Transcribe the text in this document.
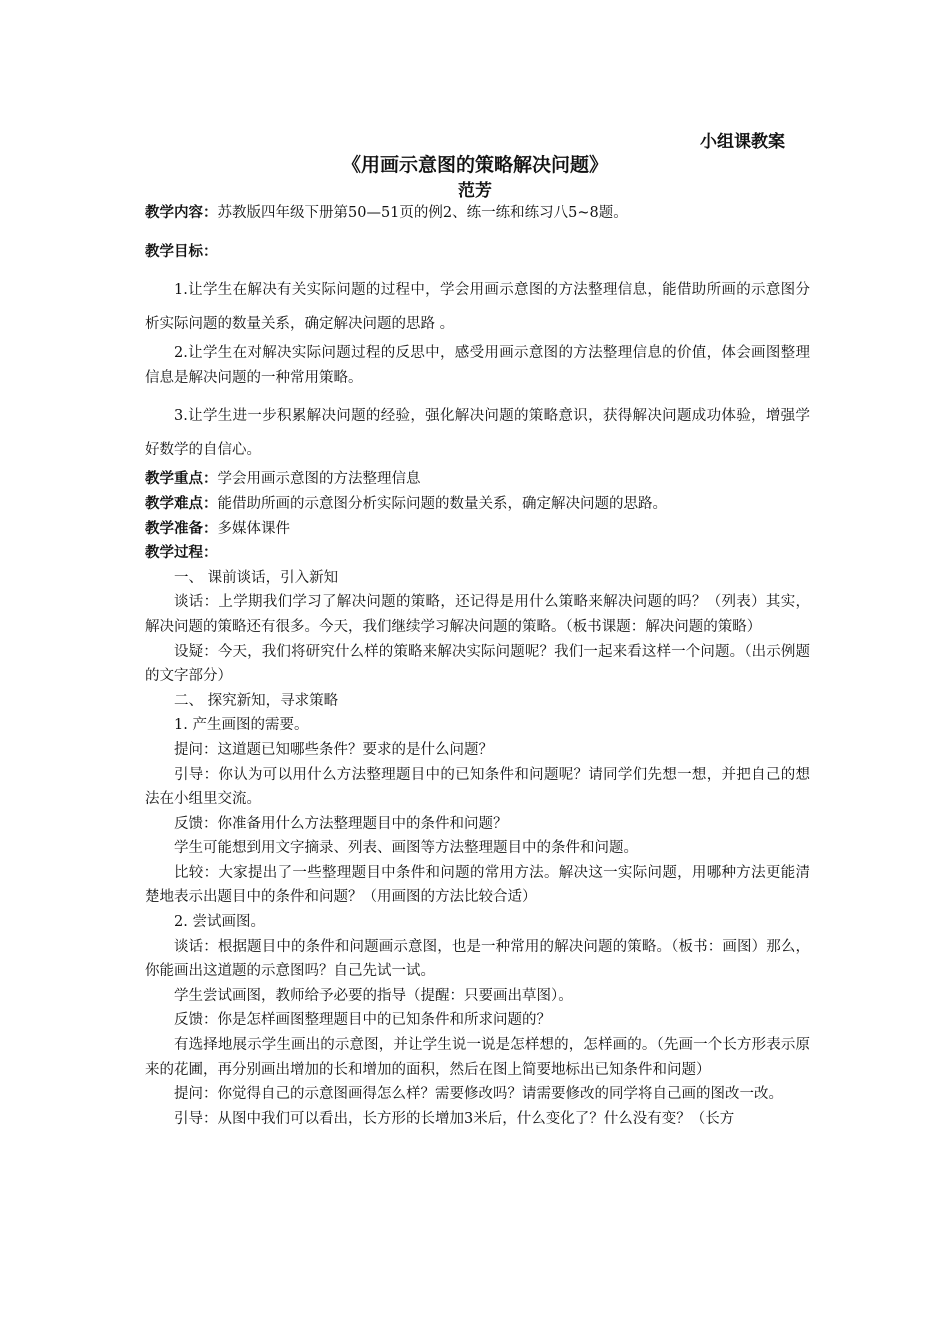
小组课教案
《用画示意图的策略解决问题》
范芳

教学内容：苏教版四年级下册第50—51页的例2、练一练和练习八5~8题。

教学目标：

1.让学生在解决有关实际问题的过程中，学会用画示意图的方法整理信息，能借助所画的示意图分析实际问题的数量关系，确定解决问题的思路 。

2.让学生在对解决实际问题过程的反思中，感受用画示意图的方法整理信息的价值，体会画图整理信息是解决问题的一种常用策略。

3.让学生进一步积累解决问题的经验，强化解决问题的策略意识，获得解决问题成功体验，增强学好数学的自信心。

教学重点：学会用画示意图的方法整理信息

教学难点：能借助所画的示意图分析实际问题的数量关系，确定解决问题的思路。

教学准备：多媒体课件

教学过程：

一、 课前谈话，引入新知

谈话：上学期我们学习了解决问题的策略，还记得是用什么策略来解决问题的吗？（列表）其实，解决问题的策略还有很多。今天，我们继续学习解决问题的策略。（板书课题：解决问题的策略）

设疑：今天，我们将研究什么样的策略来解决实际问题呢？我们一起来看这样一个问题。（出示例题的文字部分）

二、 探究新知，寻求策略

1. 产生画图的需要。

提问：这道题已知哪些条件？要求的是什么问题？

引导：你认为可以用什么方法整理题目中的已知条件和问题呢？请同学们先想一想，并把自己的想法在小组里交流。

反馈：你准备用什么方法整理题目中的条件和问题？

学生可能想到用文字摘录、列表、画图等方法整理题目中的条件和问题。

比较：大家提出了一些整理题目中条件和问题的常用方法。解决这一实际问题，用哪种方法更能清楚地表示出题目中的条件和问题？（用画图的方法比较合适）

2. 尝试画图。

谈话：根据题目中的条件和问题画示意图，也是一种常用的解决问题的策略。（板书：画图）那么，你能画出这道题的示意图吗？自己先试一试。

学生尝试画图，教师给予必要的指导（提醒：只要画出草图）。

反馈：你是怎样画图整理题目中的已知条件和所求问题的？

有选择地展示学生画出的示意图，并让学生说一说是怎样想的，怎样画的。（先画一个长方形表示原来的花圃，再分别画出增加的长和增加的面积，然后在图上简要地标出已知条件和问题）

提问：你觉得自己的示意图画得怎么样？需要修改吗？请需要修改的同学将自己画的图改一改。

引导：从图中我们可以看出，长方形的长增加3米后，什么变化了？什么没有变？（长方
